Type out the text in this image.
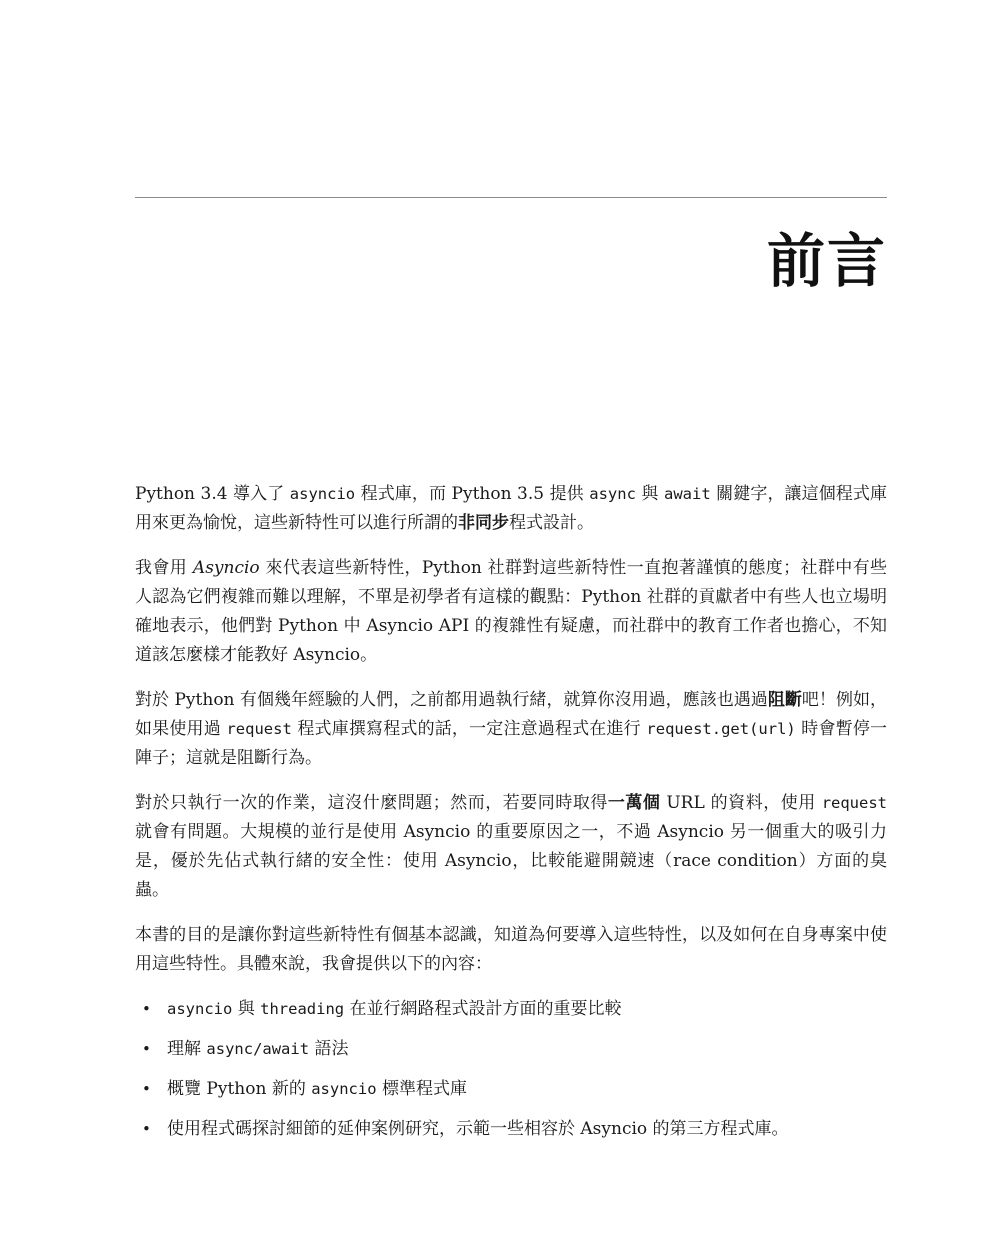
前言

Python 3.4 導入了 asyncio 程式庫，而 Python 3.5 提供 async 與 await 關鍵字，讓這個程式庫用來更為愉悅，這些新特性可以進行所謂的非同步程式設計。

我會用 Asyncio 來代表這些新特性，Python 社群對這些新特性一直抱著謹慎的態度；社群中有些人認為它們複雜而難以理解，不單是初學者有這樣的觀點：Python 社群的貢獻者中有些人也立場明確地表示，他們對 Python 中 Asyncio API 的複雜性有疑慮，而社群中的教育工作者也擔心，不知道該怎麼樣才能教好 Asyncio。

對於 Python 有個幾年經驗的人們，之前都用過執行緒，就算你沒用過，應該也遇過阻斷吧！例如，如果使用過 request 程式庫撰寫程式的話，一定注意過程式在進行 request.get(url) 時會暫停一陣子；這就是阻斷行為。

對於只執行一次的作業，這沒什麼問題；然而，若要同時取得一萬個 URL 的資料，使用 request 就會有問題。大規模的並行是使用 Asyncio 的重要原因之一，不過 Asyncio 另一個重大的吸引力是，優於先佔式執行緒的安全性：使用 Asyncio，比較能避開競速（race condition）方面的臭蟲。

本書的目的是讓你對這些新特性有個基本認識，知道為何要導入這些特性，以及如何在自身專案中使用這些特性。具體來說，我會提供以下的內容：

• asyncio 與 threading 在並行網路程式設計方面的重要比較
• 理解 async/await 語法
• 概覽 Python 新的 asyncio 標準程式庫
• 使用程式碼探討細節的延伸案例研究，示範一些相容於 Asyncio 的第三方程式庫。
